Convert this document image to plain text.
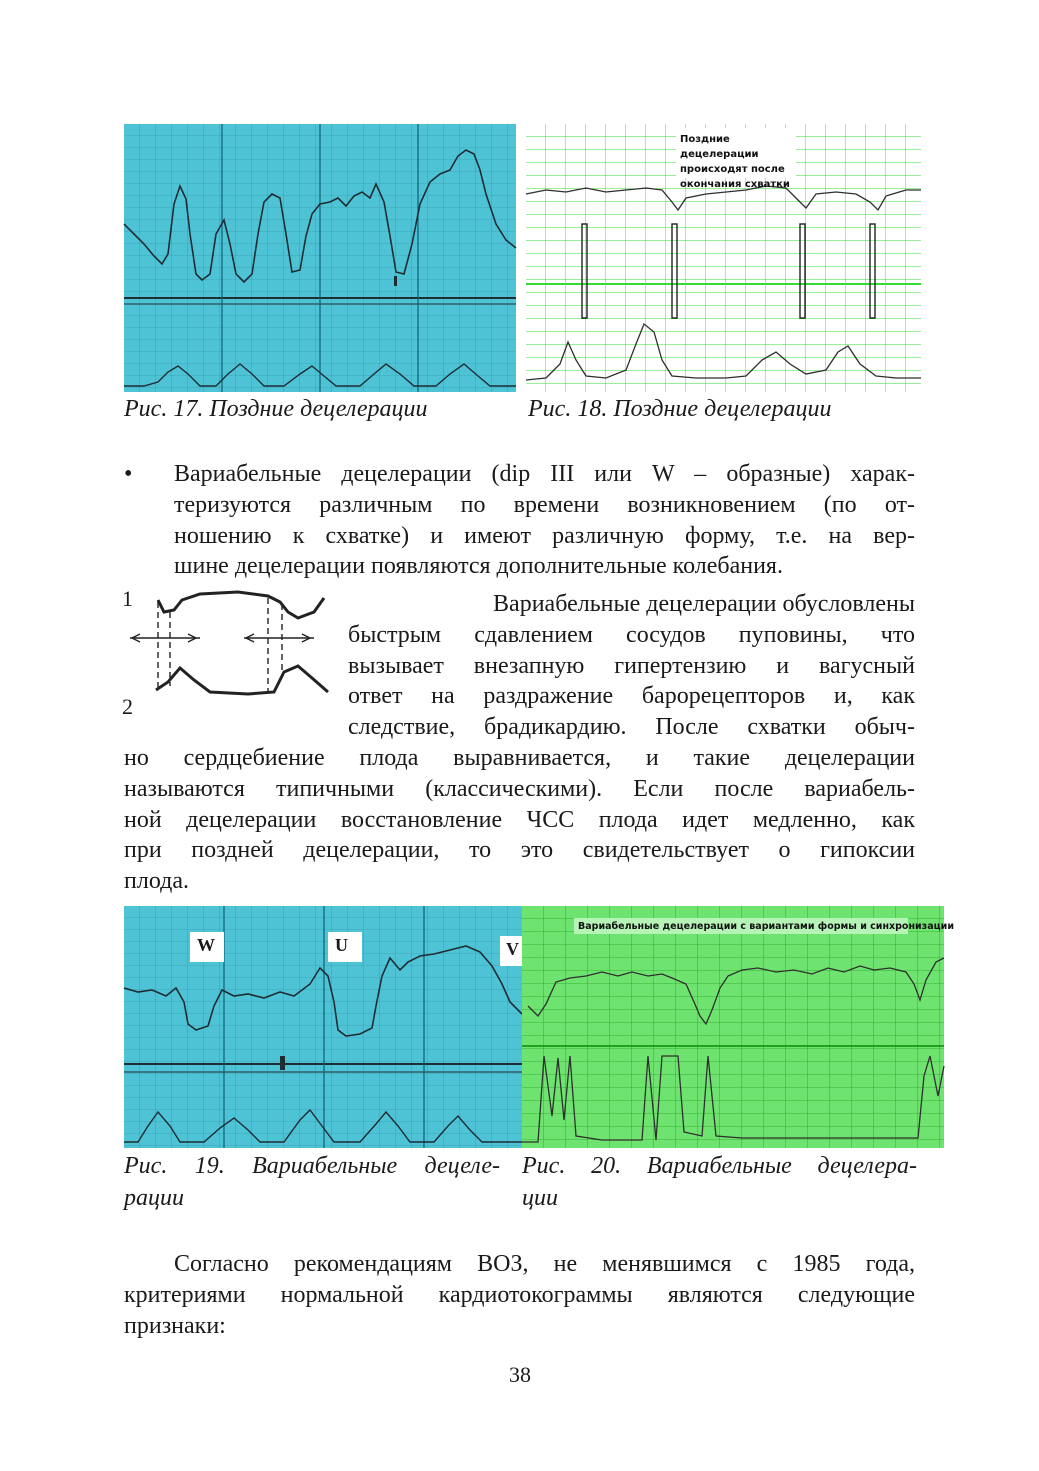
Поздние децелерации
происходят после
окончания схватки
Рис. 17. Поздние децелерации	Рис. 18. Поздние децелерации
• Вариабельные децелерации (dip III или W – образные) харак-
теризуются различным по времени возникновением (по от-
ношению к схватке) и имеют различную форму, т.е. на вер-
шине децелерации появляются дополнительные колебания.
1
2
Вариабельные децелерации обусловлены
быстрым сдавлением сосудов пуповины, что
вызывает внезапную гипертензию и вагусный
ответ на раздражение барорецепторов и, как
следствие, брадикардию. После схватки обыч-
но сердцебиение плода выравнивается, и такие децелерации
называются типичными (классическими). Если после вариабель-
ной децелерации восстановление ЧСС плода идет медленно, как
при поздней децелерации, то это свидетельствует о гипоксии
плода.
W	U	V
Вариабельные децелерации с вариантами формы и синхронизации
Рис. 19. Вариабельные децеле-
рации
Рис. 20. Вариабельные децелера-
ции
Согласно рекомендациям ВОЗ, не менявшимся с 1985 года,
критериями нормальной кардиотокограммы являются следующие
признаки:
38
